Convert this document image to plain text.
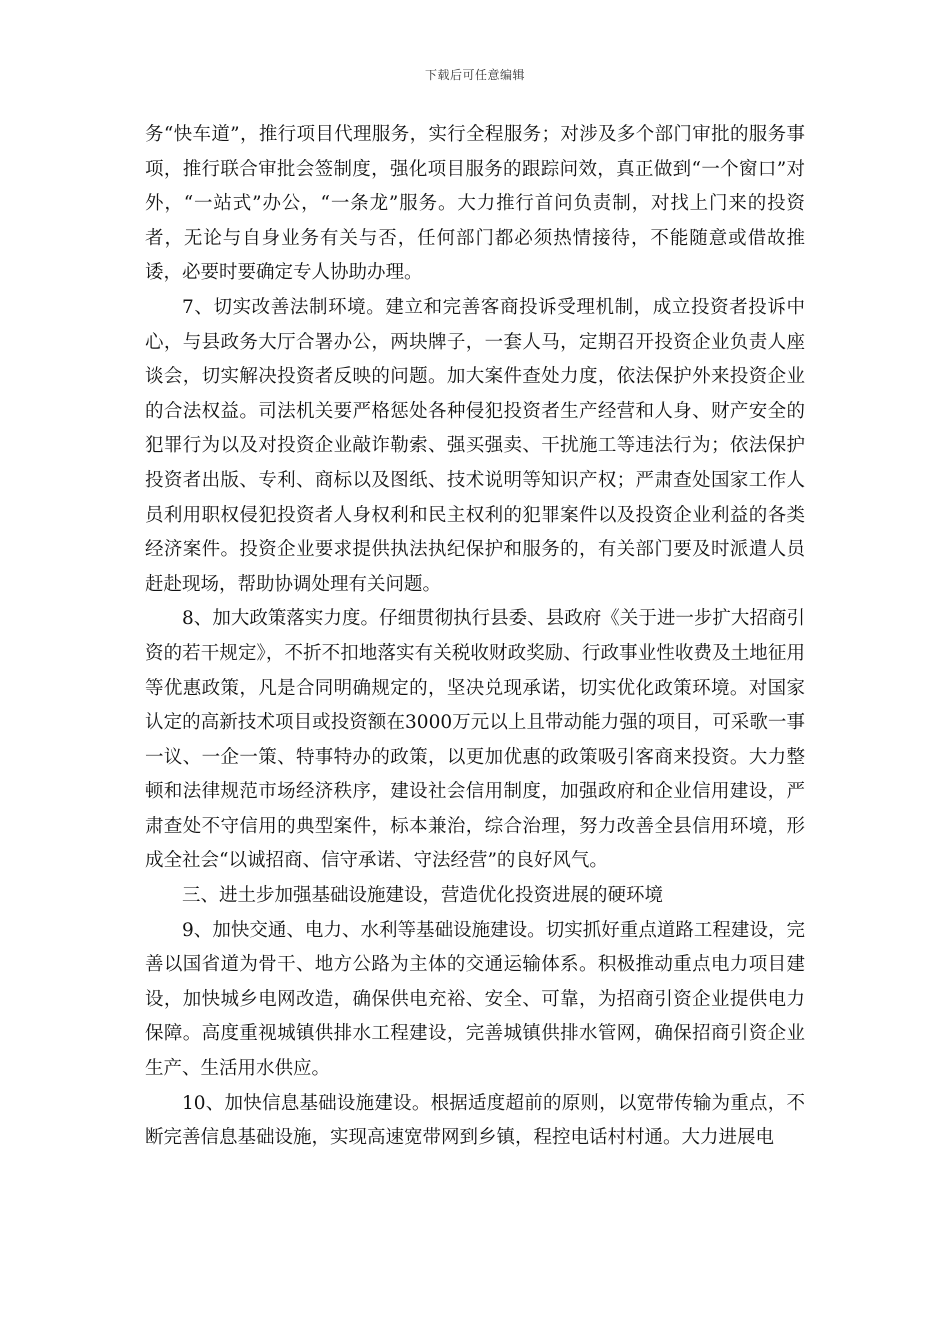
下载后可任意编辑

务“快车道”，推行项目代理服务，实行全程服务；对涉及多个部门审批的服务事项，推行联合审批会签制度，强化项目服务的跟踪问效，真正做到“一个窗口”对外，“一站式”办公，“一条龙”服务。大力推行首问负责制，对找上门来的投资者，无论与自身业务有关与否，任何部门都必须热情接待，不能随意或借故推诿，必要时要确定专人协助办理。

7、切实改善法制环境。建立和完善客商投诉受理机制，成立投资者投诉中心，与县政务大厅合署办公，两块牌子，一套人马，定期召开投资企业负责人座谈会，切实解决投资者反映的问题。加大案件查处力度，依法保护外来投资企业的合法权益。司法机关要严格惩处各种侵犯投资者生产经营和人身、财产安全的犯罪行为以及对投资企业敲诈勒索、强买强卖、干扰施工等违法行为；依法保护投资者出版、专利、商标以及图纸、技术说明等知识产权；严肃查处国家工作人员利用职权侵犯投资者人身权利和民主权利的犯罪案件以及投资企业利益的各类经济案件。投资企业要求提供执法执纪保护和服务的，有关部门要及时派遣人员赶赴现场，帮助协调处理有关问题。

8、加大政策落实力度。仔细贯彻执行县委、县政府《关于进一步扩大招商引资的若干规定》，不折不扣地落实有关税收财政奖励、行政事业性收费及土地征用等优惠政策，凡是合同明确规定的，坚决兑现承诺，切实优化政策环境。对国家认定的高新技术项目或投资额在3000万元以上且带动能力强的项目，可采歌一事一议、一企一策、特事特办的政策，以更加优惠的政策吸引客商来投资。大力整顿和法律规范市场经济秩序，建设社会信用制度，加强政府和企业信用建设，严肃查处不守信用的典型案件，标本兼治，综合治理，努力改善全县信用环境，形成全社会“以诚招商、信守承诺、守法经营”的良好风气。

三、进土步加强基础设施建设，营造优化投资进展的硬环境

9、加快交通、电力、水利等基础设施建设。切实抓好重点道路工程建设，完善以国省道为骨干、地方公路为主体的交通运输体系。积极推动重点电力项目建设，加快城乡电网改造，确保供电充裕、安全、可靠，为招商引资企业提供电力保障。高度重视城镇供排水工程建设，完善城镇供排水管网，确保招商引资企业生产、生活用水供应。

10、加快信息基础设施建设。根据适度超前的原则，以宽带传输为重点，不断完善信息基础设施，实现高速宽带网到乡镇，程控电话村村通。大力进展电
